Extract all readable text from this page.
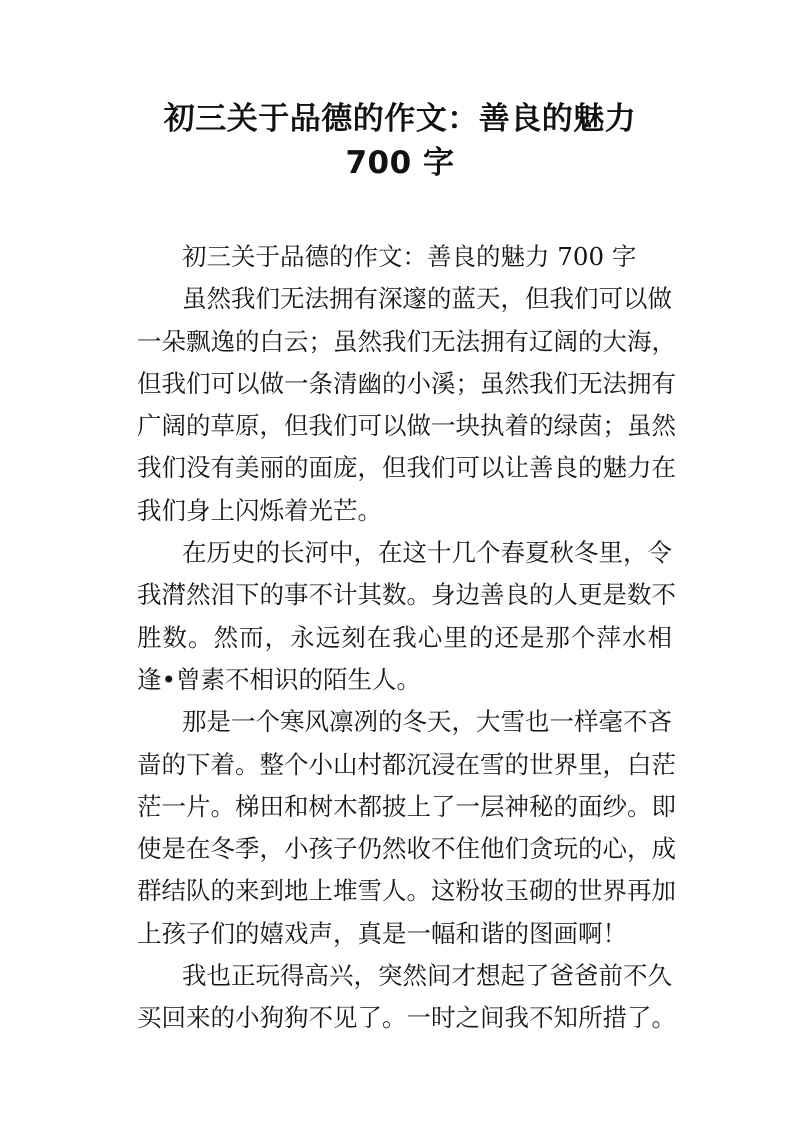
初三关于品德的作文：善良的魅力
700 字
初三关于品德的作文：善良的魅力 700 字
虽然我们无法拥有深邃的蓝天，但我们可以做
一朵飘逸的白云；虽然我们无法拥有辽阔的大海，
但我们可以做一条清幽的小溪；虽然我们无法拥有
广阔的草原，但我们可以做一块执着的绿茵；虽然
我们没有美丽的面庞，但我们可以让善良的魅力在
我们身上闪烁着光芒。
在历史的长河中，在这十几个春夏秋冬里，令
我潸然泪下的事不计其数。身边善良的人更是数不
胜数。然而，永远刻在我心里的还是那个萍水相
逢•曾素不相识的陌生人。
那是一个寒风凛冽的冬天，大雪也一样毫不吝
啬的下着。整个小山村都沉浸在雪的世界里，白茫
茫一片。梯田和树木都披上了一层神秘的面纱。即
使是在冬季，小孩子仍然收不住他们贪玩的心，成
群结队的来到地上堆雪人。这粉妆玉砌的世界再加
上孩子们的嬉戏声，真是一幅和谐的图画啊！
我也正玩得高兴，突然间才想起了爸爸前不久
买回来的小狗狗不见了。一时之间我不知所措了。
